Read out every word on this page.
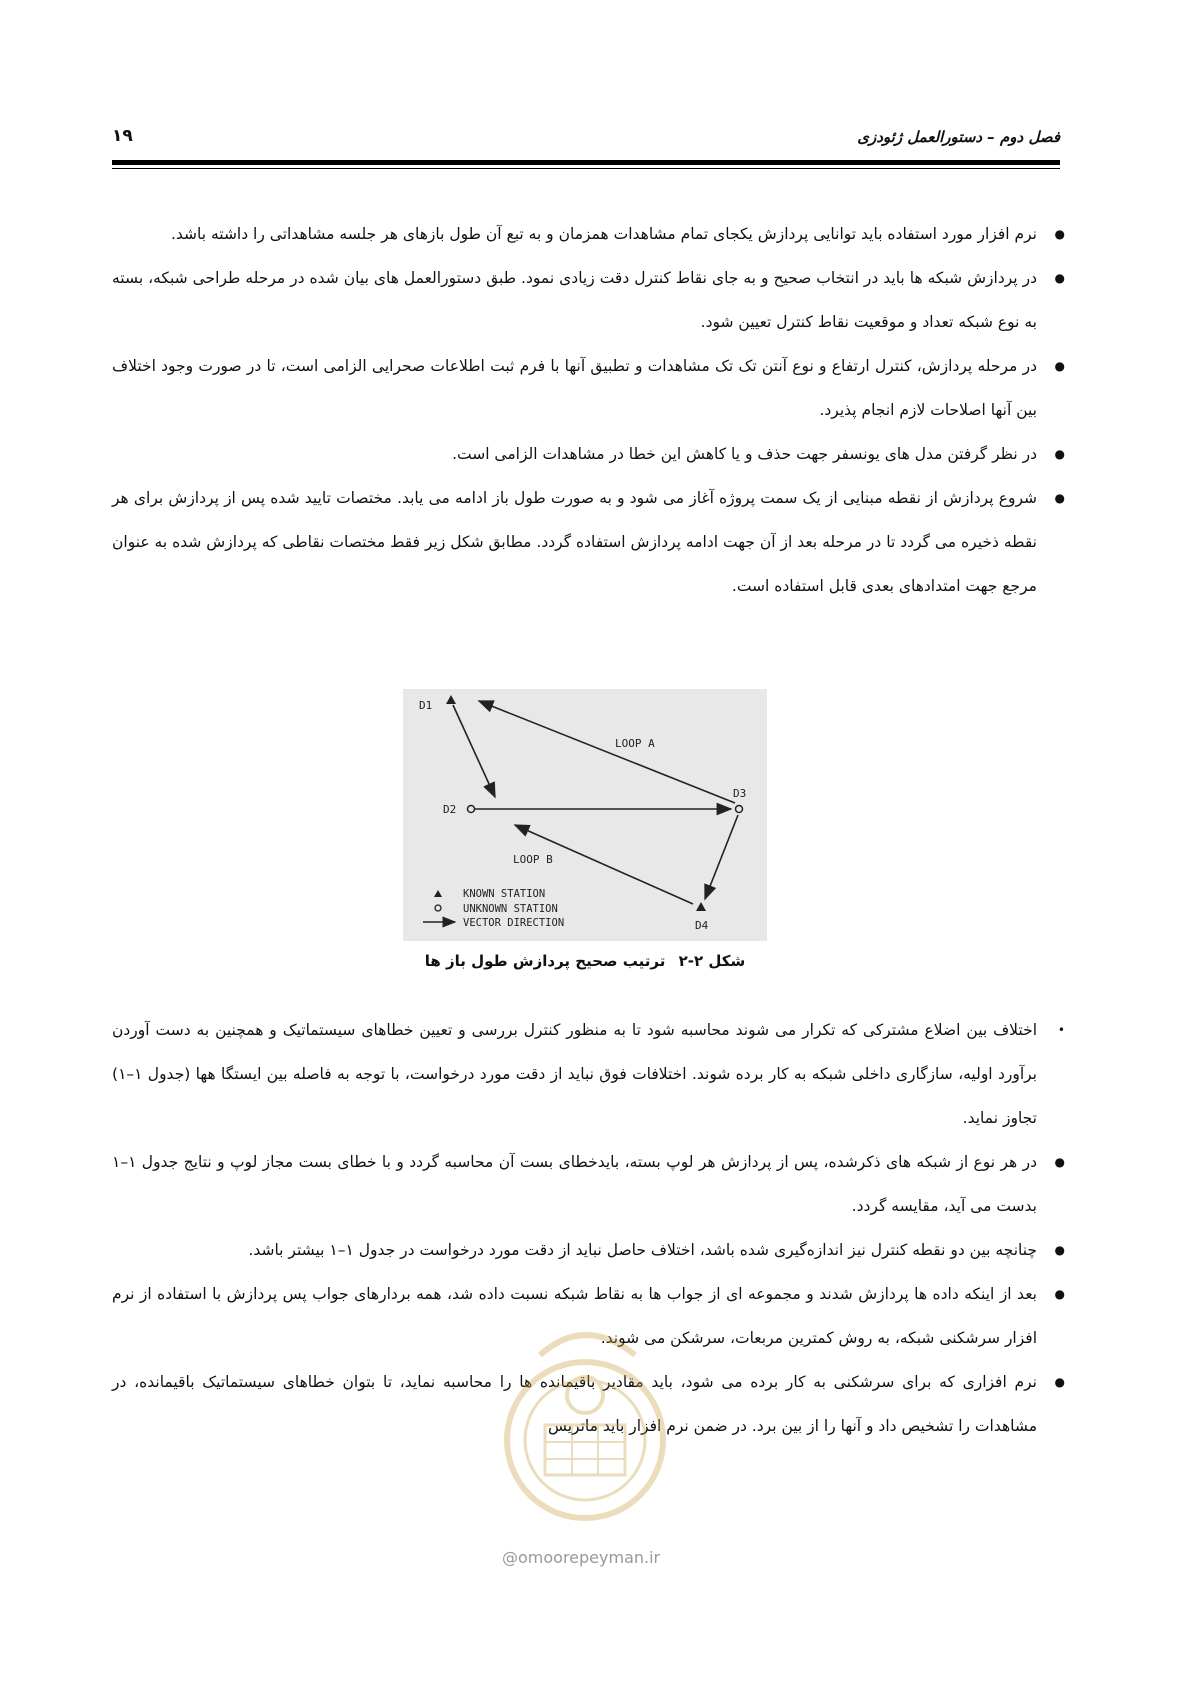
فصل دوم – دستورالعمل ژئودزی
۱۹
●
نرم افزار مورد استفاده باید توانایی پردازش یکجای تمام مشاهدات همزمان و به تبع آن طول بازهای هر جلسه مشاهداتی را داشته باشد.
●
در پردازش شبکه ها باید در انتخاب صحیح و به جای نقاط کنترل دقت زیادی نمود. طبق دستورالعمل های بیان شده در مرحله طراحی شبکه، بسته به نوع شبکه تعداد و موقعیت نقاط کنترل تعیین شود.
●
در مرحله پردازش، کنترل ارتفاع و نوع آنتن تک تک مشاهدات و تطبیق آنها با فرم ثبت اطلاعات صحرایی الزامی است، تا در صورت وجود اختلاف بین آنها اصلاحات لازم انجام پذیرد.
●
در نظر گرفتن مدل های یونسفر جهت حذف و یا کاهش این خطا در مشاهدات الزامی است.
●
شروع پردازش از نقطه مبنایی از یک سمت پروژه آغاز می شود و به صورت طول باز ادامه می یابد. مختصات تایید شده پس از پردازش برای هر نقطه ذخیره می گردد تا در مرحله بعد از آن جهت ادامه پردازش استفاده گردد. مطابق شکل زیر فقط مختصات نقاطی که پردازش شده به عنوان مرجع جهت امتدادهای بعدی قابل استفاده است.
D1
D2
D3
D4
LOOP A
LOOP B
KNOWN STATION
UNKNOWN STATION
VECTOR DIRECTION
شکل ۲-۲ ترتیب صحیح پردازش طول باز ها
•
اختلاف بین اضلاع مشترکی که تکرار می شوند محاسبه شود تا به منظور کنترل بررسی و تعیین خطاهای سیستماتیک و همچنین به دست آوردن برآورد اولیه، سازگاری داخلی شبکه به کار برده شوند. اختلافات فوق نباید از دقت مورد درخواست، با توجه به فاصله بین ایستگا هها (جدول ۱–۱) تجاوز نماید.
●
در هر نوع از شبکه های ذکرشده، پس از پردازش هر لوپ بسته، بایدخطای بست آن محاسبه گردد و با خطای بست مجاز لوپ و نتایج جدول ۱–۱ بدست می آید، مقایسه گردد.
●
چنانچه بین دو نقطه کنترل نیز اندازه‌گیری شده باشد، اختلاف حاصل نباید از دقت مورد درخواست در جدول ۱–۱ بیشتر باشد.
●
بعد از اینکه داده ها پردازش شدند و مجموعه ای از جواب ها به نقاط شبکه نسبت داده شد، همه بردارهای جواب پس پردازش با استفاده از نرم افزار سرشکنی شبکه، به روش کمترین مربعات، سرشکن می شوند.
●
نرم افزاری که برای سرشکنی به کار برده می شود، باید مقادیر باقیمانده ها را محاسبه نماید، تا بتوان خطاهای سیستماتیک باقیمانده، در مشاهدات را تشخیص داد و آنها را از بین برد. در ضمن نرم افزار باید ماتریس
@omoorepeyman.ir
